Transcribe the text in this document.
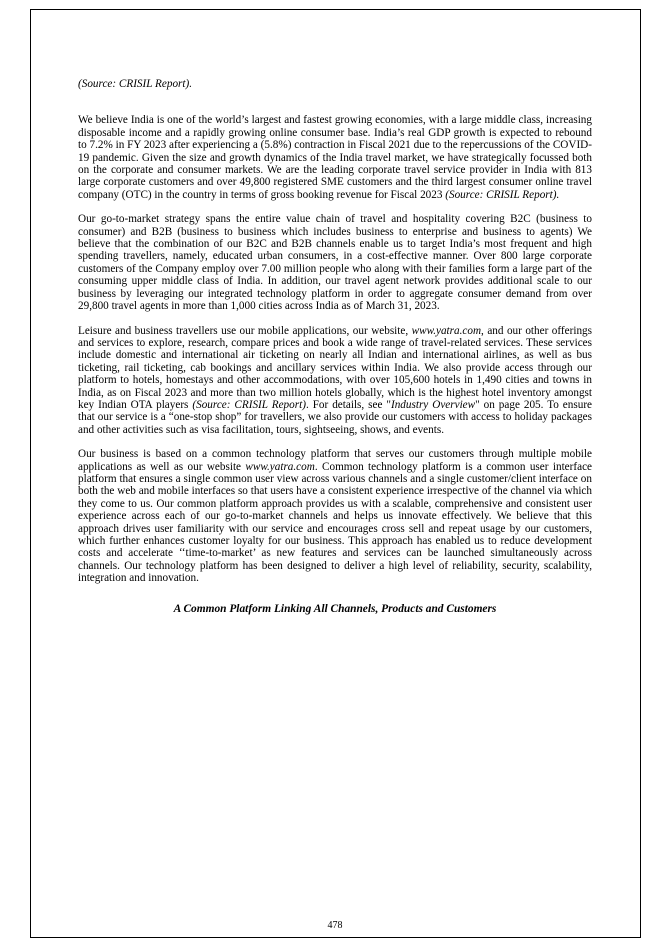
(Source: CRISIL Report).

We believe India is one of the world’s largest and fastest growing economies, with a large middle class, increasing disposable income and a rapidly growing online consumer base. India’s real GDP growth is expected to rebound to 7.2% in FY 2023 after experiencing a (5.8%) contraction in Fiscal 2021 due to the repercussions of the COVID-19 pandemic. Given the size and growth dynamics of the India travel market, we have strategically focussed both on the corporate and consumer markets. We are the leading corporate travel service provider in India with 813 large corporate customers and over 49,800 registered SME customers and the third largest consumer online travel company (OTC) in the country in terms of gross booking revenue for Fiscal 2023 (Source: CRISIL Report).

Our go-to-market strategy spans the entire value chain of travel and hospitality covering B2C (business to consumer) and B2B (business to business which includes business to enterprise and business to agents) We believe that the combination of our B2C and B2B channels enable us to target India’s most frequent and high spending travellers, namely, educated urban consumers, in a cost-effective manner. Over 800 large corporate customers of the Company employ over 7.00 million people who along with their families form a large part of the consuming upper middle class of India. In addition, our travel agent network provides additional scale to our business by leveraging our integrated technology platform in order to aggregate consumer demand from over 29,800 travel agents in more than 1,000 cities across India as of March 31, 2023.

Leisure and business travellers use our mobile applications, our website, www.yatra.com, and our other offerings and services to explore, research, compare prices and book a wide range of travel-related services. These services include domestic and international air ticketing on nearly all Indian and international airlines, as well as bus ticketing, rail ticketing, cab bookings and ancillary services within India. We also provide access through our platform to hotels, homestays and other accommodations, with over 105,600 hotels in 1,490 cities and towns in India, as on Fiscal 2023 and more than two million hotels globally, which is the highest hotel inventory amongst key Indian OTA players (Source: CRISIL Report). For details, see "Industry Overview" on page 205. To ensure that our service is a “one-stop shop” for travellers, we also provide our customers with access to holiday packages and other activities such as visa facilitation, tours, sightseeing, shows, and events.

Our business is based on a common technology platform that serves our customers through multiple mobile applications as well as our website www.yatra.com. Common technology platform is a common user interface platform that ensures a single common user view across various channels and a single customer/client interface on both the web and mobile interfaces so that users have a consistent experience irrespective of the channel via which they come to us. Our common platform approach provides us with a scalable, comprehensive and consistent user experience across each of our go-to-market channels and helps us innovate effectively. We believe that this approach drives user familiarity with our service and encourages cross sell and repeat usage by our customers, which further enhances customer loyalty for our business. This approach has enabled us to reduce development costs and accelerate ‘‘time-to-market’ as new features and services can be launched simultaneously across channels. Our technology platform has been designed to deliver a high level of reliability, security, scalability, integration and innovation.

A Common Platform Linking All Channels, Products and Customers
478
